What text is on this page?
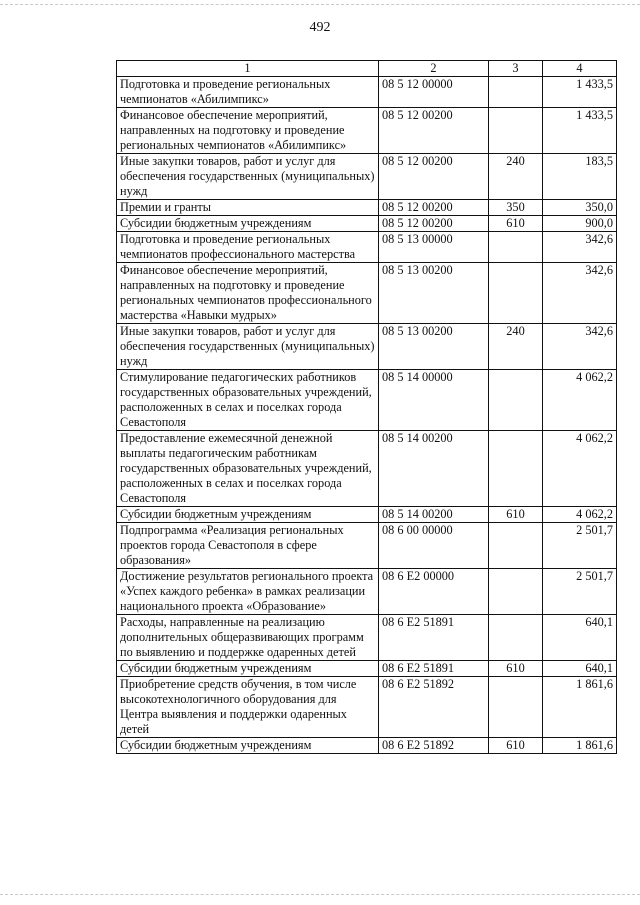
492
1	2	3	4
Подготовка и проведение региональных чемпионатов «Абилимпикс»	08 5 12 00000		1 433,5
Финансовое обеспечение мероприятий, направленных на подготовку и проведение региональных чемпионатов «Абилимпикс»	08 5 12 00200		1 433,5
Иные закупки товаров, работ и услуг для обеспечения государственных (муниципальных) нужд	08 5 12 00200	240	183,5
Премии и гранты	08 5 12 00200	350	350,0
Субсидии бюджетным учреждениям	08 5 12 00200	610	900,0
Подготовка и проведение региональных чемпионатов профессионального мастерства	08 5 13 00000		342,6
Финансовое обеспечение мероприятий, направленных на подготовку и проведение региональных чемпионатов профессионального мастерства «Навыки мудрых»	08 5 13 00200		342,6
Иные закупки товаров, работ и услуг для обеспечения государственных (муниципальных) нужд	08 5 13 00200	240	342,6
Стимулирование педагогических работников государственных образовательных учреждений, расположенных в селах и поселках города Севастополя	08 5 14 00000		4 062,2
Предоставление ежемесячной денежной выплаты педагогическим работникам государственных образовательных учреждений, расположенных в селах и поселках города Севастополя	08 5 14 00200		4 062,2
Субсидии бюджетным учреждениям	08 5 14 00200	610	4 062,2
Подпрограмма «Реализация региональных проектов города Севастополя в сфере образования»	08 6 00 00000		2 501,7
Достижение результатов регионального проекта «Успех каждого ребенка» в рамках реализации национального проекта «Образование»	08 6 E2 00000		2 501,7
Расходы, направленные на реализацию дополнительных общеразвивающих программ по выявлению и поддержке одаренных детей	08 6 E2 51891		640,1
Субсидии бюджетным учреждениям	08 6 E2 51891	610	640,1
Приобретение средств обучения, в том числе высокотехнологичного оборудования для Центра выявления и поддержки одаренных детей	08 6 E2 51892		1 861,6
Субсидии бюджетным учреждениям	08 6 E2 51892	610	1 861,6
